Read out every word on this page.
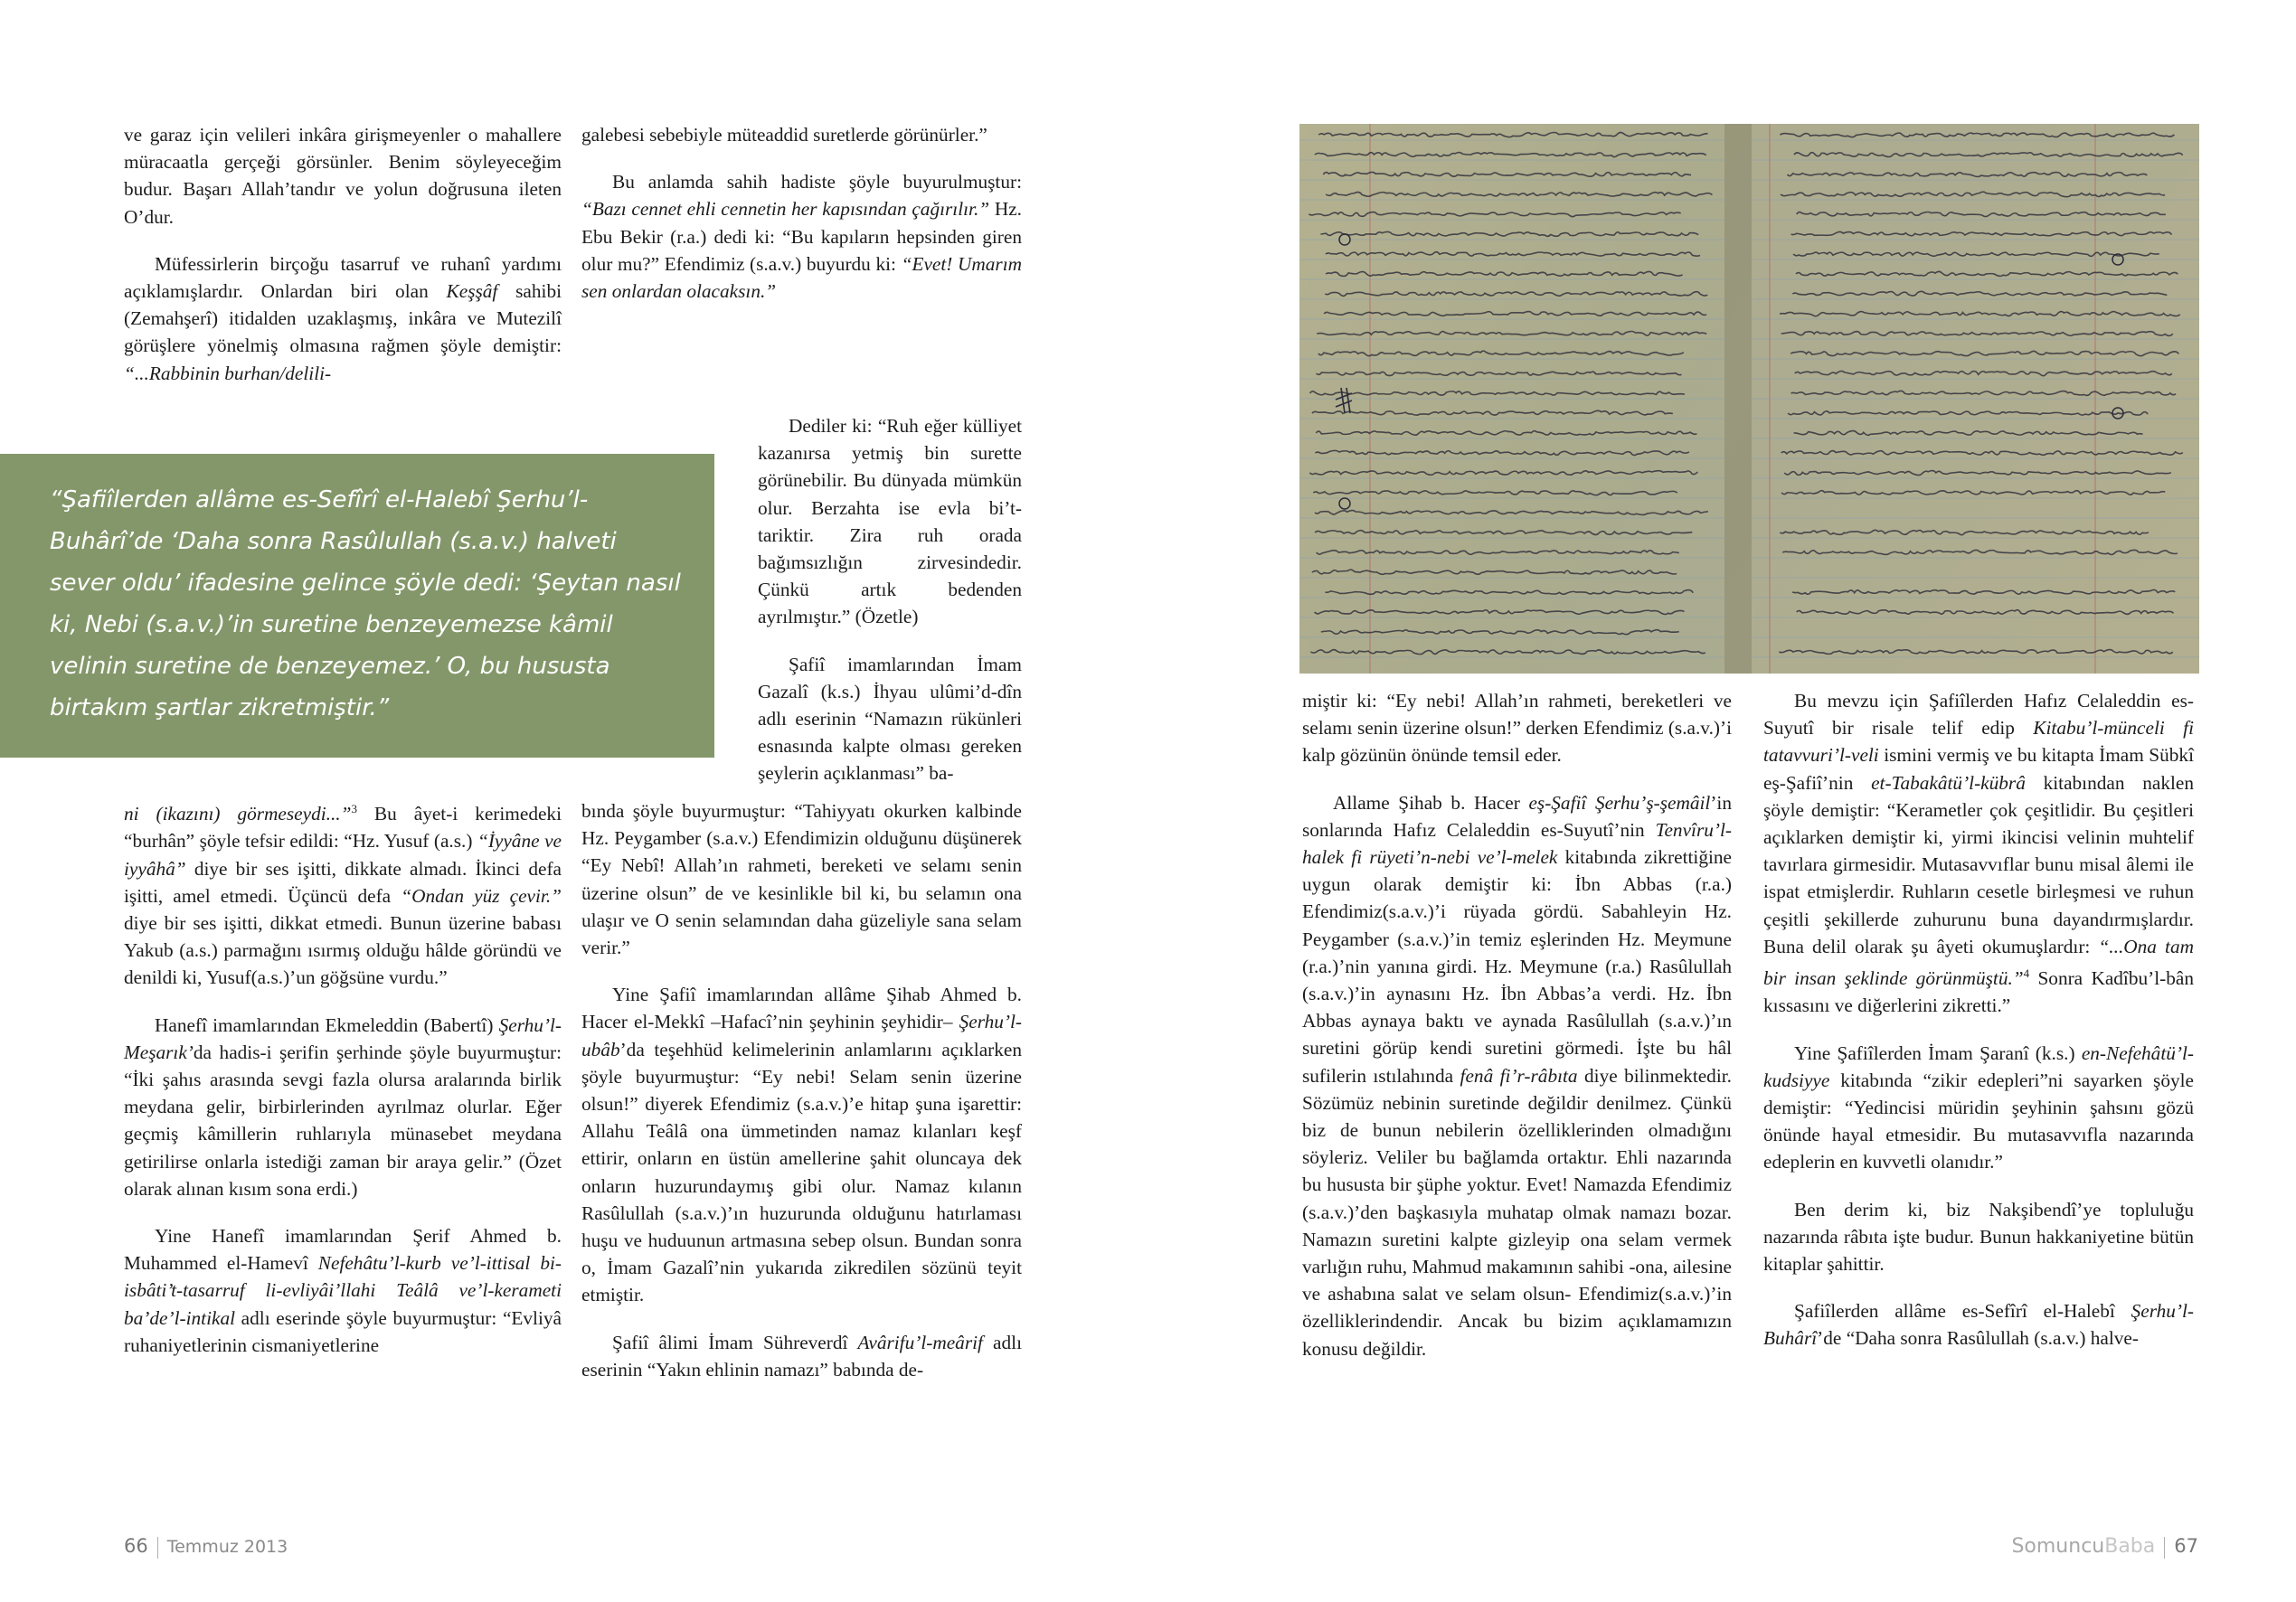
ve garaz için velileri inkâra girişmeyenler o mahallere müracaatla gerçeği görsünler. Benim söyleyeceğim budur. Başarı Allah’tandır ve yolun doğrusuna ileten O’dur.

Müfessirlerin birçoğu tasarruf ve ruhanî yardımı açıklamışlardır. Onlardan biri olan Keşşâf sahibi (Zemahşerî) itidalden uzaklaşmış, inkâra ve Mutezilî görüşlere yönelmiş olmasına rağmen şöyle demiştir: “...Rabbinin burhan/delili-

ni (ikazını) görmeseydi...”$^3$ Bu âyet-i kerimedeki “burhân” şöyle tefsir edildi: “Hz. Yusuf (a.s.) “İyyâne ve iyyâhâ” diye bir ses işitti, dikkate almadı. İkinci defa işitti, amel etmedi. Üçüncü defa “Ondan yüz çevir.” diye bir ses işitti, dikkat etmedi. Bunun üzerine babası Yakub (a.s.) parmağını ısırmış olduğu hâlde göründü ve denildi ki, Yusuf(a.s.)’un göğsüne vurdu.”

Hanefî imamlarından Ekmeleddin (Babertî) Şerhu’l-Meşarık’da hadis-i şerifin şerhinde şöyle buyurmuştur: “İki şahıs arasında sevgi fazla olursa aralarında birlik meydana gelir, birbirlerinden ayrılmaz olurlar. Eğer geçmiş kâmillerin ruhlarıyla münasebet meydana getirilirse onlarla istediği zaman bir araya gelir.” (Özet olarak alınan kısım sona erdi.)

Yine Hanefî imamlarından Şerif Ahmed b. Muhammed el-Hamevî Nefehâtu’l-kurb ve’l-ittisal bi-isbâti’t-tasarruf li-evliyâi’llahi Teâlâ ve’l-kerameti ba’de’l-intikal adlı eserinde şöyle buyurmuştur: “Evliyâ ruhaniyetlerinin cismaniyetlerine

galebesi sebebiyle müteaddid suretlerde görünürler.”

Bu anlamda sahih hadiste şöyle buyurulmuştur: “Bazı cennet ehli cennetin her kapısından çağırılır.” Hz. Ebu Bekir (r.a.) dedi ki: “Bu kapıların hepsinden giren olur mu?” Efendimiz (s.a.v.) buyurdu ki: “Evet! Umarım sen onlardan olacaksın.”

Dediler ki: “Ruh eğer külliyet kazanırsa yetmiş bin surette görünebilir. Bu dünyada mümkün olur. Berzahta ise evla bi’t-tariktir. Zira ruh orada bağımsızlığın zirvesindedir. Çünkü artık bedenden ayrılmıştır.” (Özetle)

Şafiî imamlarından İmam Gazalî (k.s.) İhyau ulûmi’d-dîn adlı eserinin “Namazın rükünleri esnasında kalpte olması gereken şeylerin açıklanması” ba-

bında şöyle buyurmuştur: “Tahiyyatı okurken kalbinde Hz. Peygamber (s.a.v.) Efendimizin olduğunu düşünerek “Ey Nebî! Allah’ın rahmeti, bereketi ve selamı senin üzerine olsun” de ve kesinlikle bil ki, bu selamın ona ulaşır ve O senin selamından daha güzeliyle sana selam verir.”

Yine Şafiî imamlarından allâme Şihab Ahmed b. Hacer el-Mekkî –Hafacî’nin şeyhinin şeyhidir– Şerhu’l-ubâb’da teşehhüd kelimelerinin anlamlarını açıklarken şöyle buyurmuştur: “Ey nebi! Selam senin üzerine olsun!” diyerek Efendimiz (s.a.v.)’e hitap şuna işarettir: Allahu Teâlâ ona ümmetinden namaz kılanları keşf ettirir, onların en üstün amellerine şahit oluncaya dek onların huzurundaymış gibi olur. Namaz kılanın Rasûlullah (s.a.v.)’ın huzurunda olduğunu hatırlaması huşu ve huduunun artmasına sebep olsun. Bundan sonra o, İmam Gazalî’nin yukarıda zikredilen sözünü teyit etmiştir.

Şafiî âlimi İmam Sühreverdî Avârifu’l-meârif adlı eserinin “Yakın ehlinin namazı” babında de-

“Şafiîlerden allâme es-Sefîrî el-Halebî Şerhu’l-Buhârî’de ‘Daha sonra Rasûlullah (s.a.v.) halveti sever oldu’ ifadesine gelince şöyle dedi: ‘Şeytan nasıl ki, Nebi (s.a.v.)’in suretine benzeyemezse kâmil velinin suretine de benzeyemez.’ O, bu hususta birtakım şartlar zikretmiştir.”
66 Temmuz 2013

miştir ki: “Ey nebi! Allah’ın rahmeti, bereketleri ve selamı senin üzerine olsun!” derken Efendimiz (s.a.v.)’i kalp gözünün önünde temsil eder.

Allame Şihab b. Hacer eş-Şafiî Şerhu’ş-şemâil’in sonlarında Hafız Celaleddin es-Suyutî’nin Tenvîru’l-halek fi rüyeti’n-nebi ve’l-melek kitabında zikrettiğine uygun olarak demiştir ki: İbn Abbas (r.a.) Efendimiz(s.a.v.)’i rüyada gördü. Sabahleyin Hz. Peygamber (s.a.v.)’in temiz eşlerinden Hz. Meymune (r.a.)’nin yanına girdi. Hz. Meymune (r.a.) Rasûlullah (s.a.v.)’in aynasını Hz. İbn Abbas’a verdi. Hz. İbn Abbas aynaya baktı ve aynada Rasûlullah (s.a.v.)’ın suretini görüp kendi suretini görmedi. İşte bu hâl sufilerin ıstılahında fenâ fi’r-râbıta diye bilinmektedir. Sözümüz nebinin suretinde değildir denilmez. Çünkü biz de bunun nebilerin özelliklerinden olmadığını söyleriz. Veliler bu bağlamda ortaktır. Ehli nazarında bu hususta bir şüphe yoktur. Evet! Namazda Efendimiz (s.a.v.)’den başkasıyla muhatap olmak namazı bozar. Namazın suretini kalpte gizleyip ona selam vermek varlığın ruhu, Mahmud makamının sahibi -ona, ailesine ve ashabına salat ve selam olsun- Efendimiz(s.a.v.)’in özelliklerindendir. Ancak bu bizim açıklamamızın konusu değildir.

Bu mevzu için Şafiîlerden Hafız Celaleddin es-Suyutî bir risale telif edip Kitabu’l-münceli fi tatavvuri’l-veli ismini vermiş ve bu kitapta İmam Sübkî eş-Şafiî’nin et-Tabakâtü’l-kübrâ kitabından naklen şöyle demiştir: “Kerametler çok çeşitlidir. Bu çeşitleri açıklarken demiştir ki, yirmi ikincisi velinin muhtelif tavırlara girmesidir. Mutasavvıflar bunu misal âlemi ile ispat etmişlerdir. Ruhların cesetle birleşmesi ve ruhun çeşitli şekillerde zuhurunu buna dayandırmışlardır. Buna delil olarak şu âyeti okumuşlardır: “...Ona tam bir insan şeklinde görünmüştü.”$^4$ Sonra Kadîbu’l-bân kıssasını ve diğerlerini zikretti.”

Yine Şafiîlerden İmam Şaranî (k.s.) en-Nefehâtü’l-kudsiyye kitabında “zikir edepleri”ni sayarken şöyle demiştir: “Yedincisi müridin şeyhinin şahsını gözü önünde hayal etmesidir. Bu mutasavvıfla nazarında edeplerin en kuvvetli olanıdır.”

Ben derim ki, biz Nakşibendî’ye topluluğu nazarında râbıta işte budur. Bunun hakkaniyetine bütün kitaplar şahittir.

Şafiîlerden allâme es-Sefîrî el-Halebî Şerhu’l-Buhârî’de “Daha sonra Rasûlullah (s.a.v.) halve-

SomuncuBaba 67
